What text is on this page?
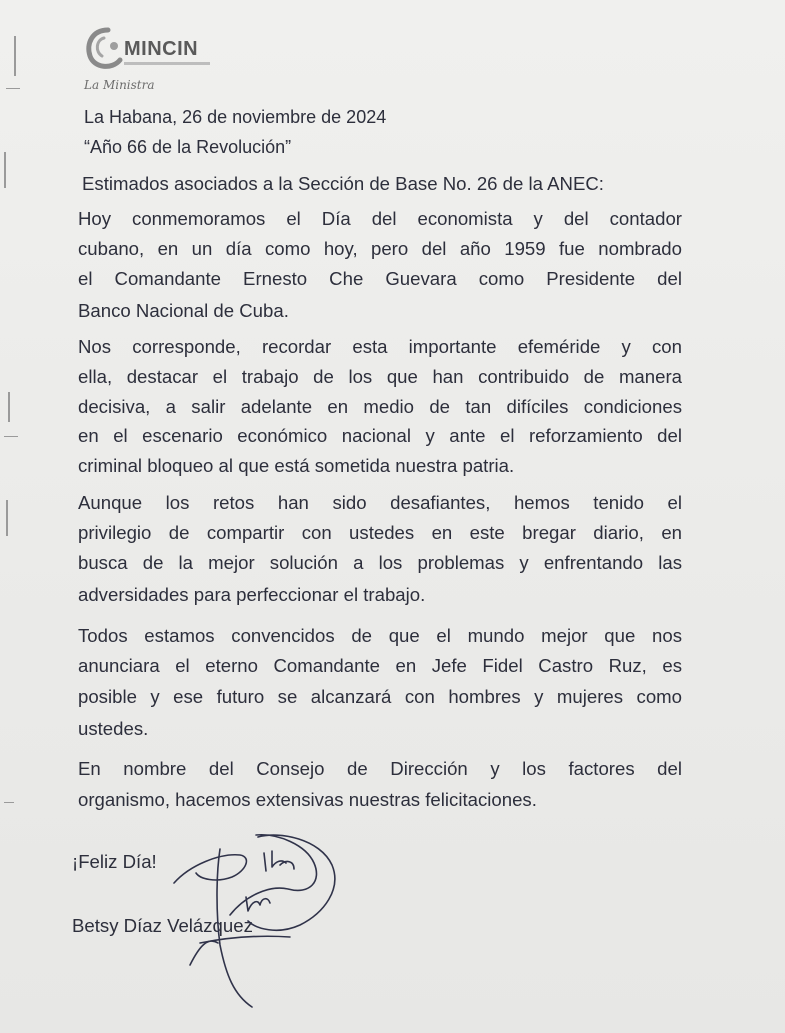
MINCIN
La Ministra
La Habana, 26 de noviembre de 2024
“Año 66 de la Revolución”
Estimados asociados a la Sección de Base No. 26 de la ANEC:
Hoy conmemoramos el Día del economista y del contador
cubano, en un día como hoy, pero del año 1959 fue nombrado
el Comandante Ernesto Che Guevara como Presidente del
Banco Nacional de Cuba.
Nos corresponde, recordar esta importante efeméride y con
ella, destacar el trabajo de los que han contribuido de manera
decisiva, a salir adelante en medio de tan difíciles condiciones
en el escenario económico nacional y ante el reforzamiento del
criminal bloqueo al que está sometida nuestra patria.
Aunque los retos han sido desafiantes, hemos tenido el
privilegio de compartir con ustedes en este bregar diario, en
busca de la mejor solución a los problemas y enfrentando las
adversidades para perfeccionar el trabajo.
Todos estamos convencidos de que el mundo mejor que nos
anunciara el eterno Comandante en Jefe Fidel Castro Ruz, es
posible y ese futuro se alcanzará con hombres y mujeres como
ustedes.
En nombre del Consejo de Dirección y los factores del
organismo, hacemos extensivas nuestras felicitaciones.
¡Feliz Día!
Betsy Díaz Velázquez
